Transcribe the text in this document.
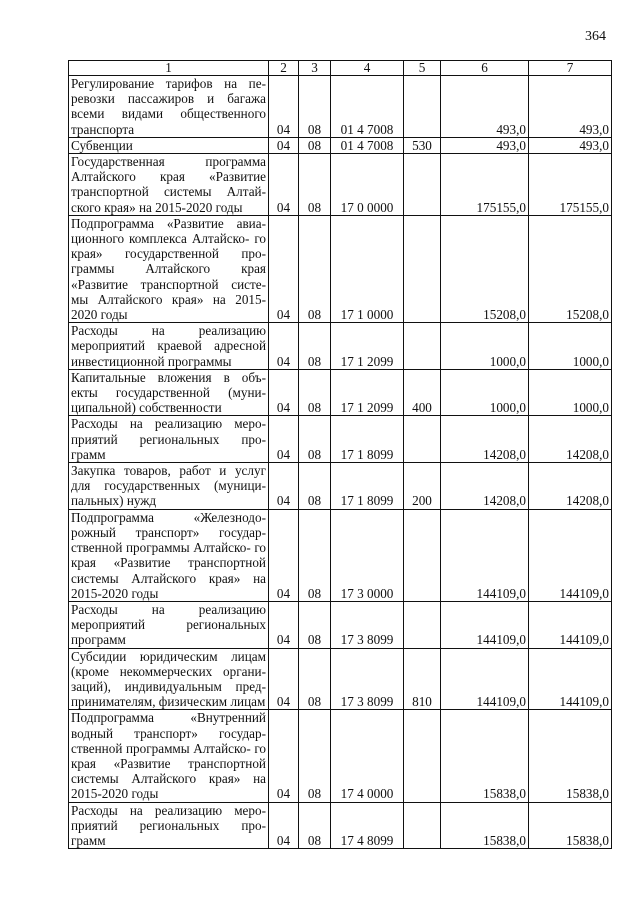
364
1	2	3	4	5	6	7
Регулирование тарифов на пе- ревозки пассажиров и багажа всеми видами общественного транспорта	04	08	01 4 7008		493,0	493,0
Субвенции	04	08	01 4 7008	530	493,0	493,0
Государственная программа Алтайского края «Развитие транспортной системы Алтай- ского края» на 2015-2020 годы	04	08	17 0 0000		175155,0	175155,0
Подпрограмма «Развитие авиа- ционного комплекса Алтайско- го края» государственной про- граммы Алтайского края «Развитие транспортной систе- мы Алтайского края» на 2015-2020 годы	04	08	17 1 0000		15208,0	15208,0
Расходы на реализацию мероприятий краевой адресной инвестиционной программы	04	08	17 1 2099		1000,0	1000,0
Капитальные вложения в объ- екты государственной (муни- ципальной) собственности	04	08	17 1 2099	400	1000,0	1000,0
Расходы на реализацию меро- приятий региональных про- грамм	04	08	17 1 8099		14208,0	14208,0
Закупка товаров, работ и услуг для государственных (муници- пальных) нужд	04	08	17 1 8099	200	14208,0	14208,0
Подпрограмма «Железнодо- рожный транспорт» государ- ственной программы Алтайско- го края «Развитие транспортной системы Алтайского края» на 2015-2020 годы	04	08	17 3 0000		144109,0	144109,0
Расходы на реализацию мероприятий региональных программ	04	08	17 3 8099		144109,0	144109,0
Субсидии юридическим лицам (кроме некоммерческих органи- заций), индивидуальным пред- принимателям, физическим лицам	04	08	17 3 8099	810	144109,0	144109,0
Подпрограмма «Внутренний водный транспорт» государ- ственной программы Алтайско- го края «Развитие транспортной системы Алтайского края» на 2015-2020 годы	04	08	17 4 0000		15838,0	15838,0
Расходы на реализацию меро- приятий региональных про- грамм	04	08	17 4 8099		15838,0	15838,0
